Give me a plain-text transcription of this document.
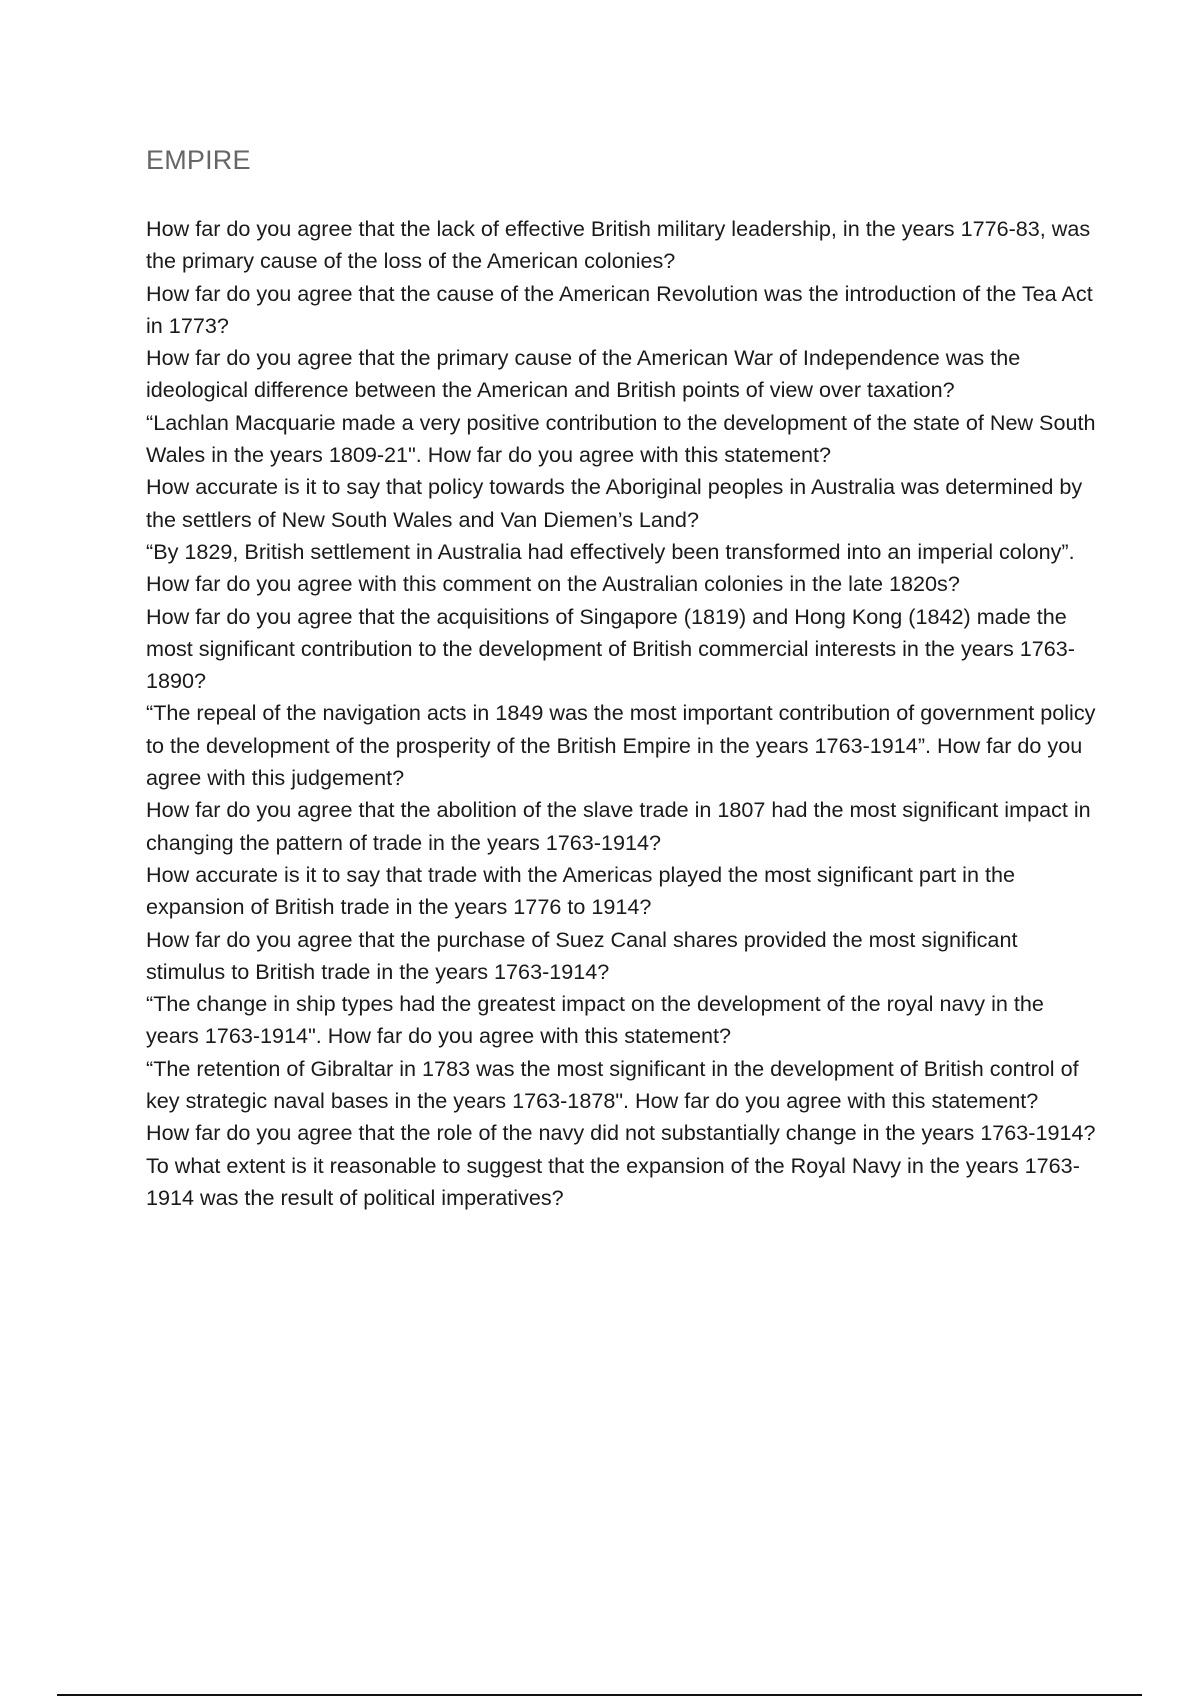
EMPIRE
How far do you agree that the lack of effective British military leadership, in the years 1776-83, was the primary cause of the loss of the American colonies?
How far do you agree that the cause of the American Revolution was the introduction of the Tea Act in 1773?
How far do you agree that the primary cause of the American War of Independence was the ideological difference between the American and British points of view over taxation?
“Lachlan Macquarie made a very positive contribution to the development of the state of New South Wales in the years 1809-21". How far do you agree with this statement?
How accurate is it to say that policy towards the Aboriginal peoples in Australia was determined by the settlers of New South Wales and Van Diemen’s Land?
“By 1829, British settlement in Australia had effectively been transformed into an imperial colony”. How far do you agree with this comment on the Australian colonies in the late 1820s?
How far do you agree that the acquisitions of Singapore (1819) and Hong Kong (1842) made the most significant contribution to the development of British commercial interests in the years 1763-1890?
“The repeal of the navigation acts in 1849 was the most important contribution of government policy to the development of the prosperity of the British Empire in the years 1763-1914”. How far do you agree with this judgement?
How far do you agree that the abolition of the slave trade in 1807 had the most significant impact in changing the pattern of trade in the years 1763-1914?
How accurate is it to say that trade with the Americas played the most significant part in the expansion of British trade in the years 1776 to 1914?
How far do you agree that the purchase of Suez Canal shares provided the most significant stimulus to British trade in the years 1763-1914?
“The change in ship types had the greatest impact on the development of the royal navy in the years 1763-1914". How far do you agree with this statement?
“The retention of Gibraltar in 1783 was the most significant in the development of British control of key strategic naval bases in the years 1763-1878". How far do you agree with this statement?
How far do you agree that the role of the navy did not substantially change in the years 1763-1914?
To what extent is it reasonable to suggest that the expansion of the Royal Navy in the years 1763-1914 was the result of political imperatives?
